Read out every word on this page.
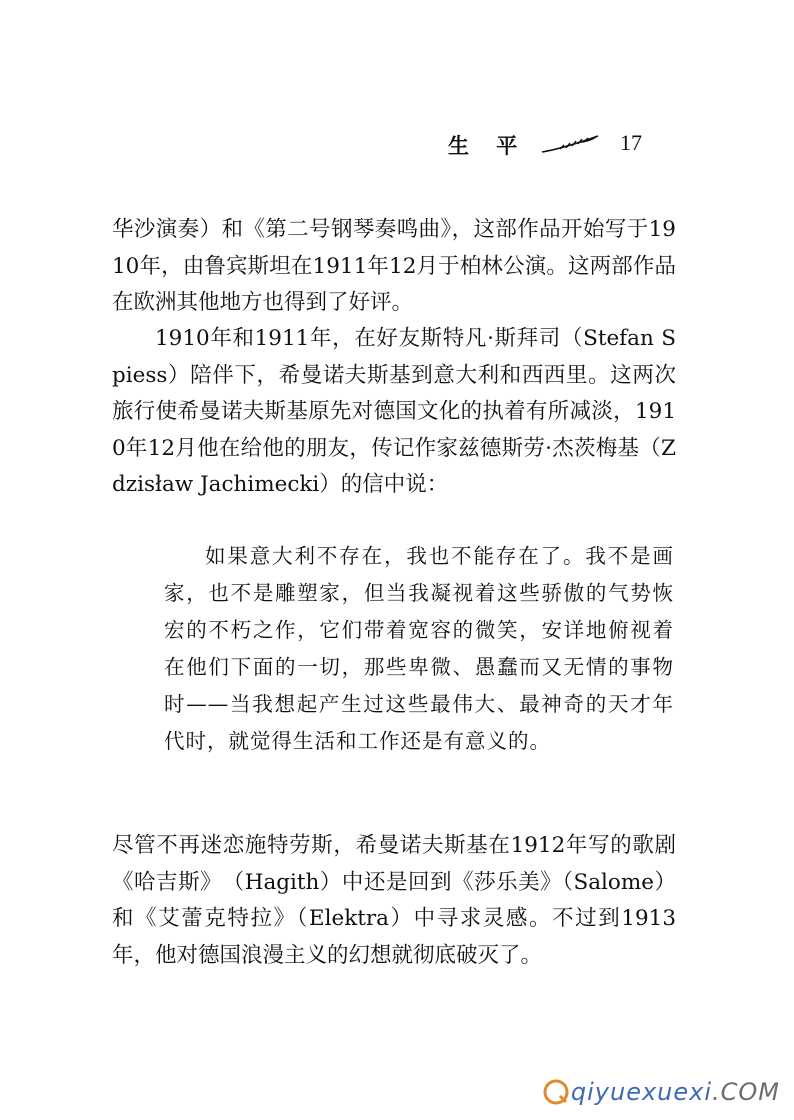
生 平	17

华沙演奏）和《第二号钢琴奏鸣曲》，这部作品开始写于1910年，由鲁宾斯坦在1911年12月于柏林公演。这两部作品在欧洲其他地方也得到了好评。

1910年和1911年，在好友斯特凡·斯拜司（Stefan Spiess）陪伴下，希曼诺夫斯基到意大利和西西里。这两次旅行使希曼诺夫斯基原先对德国文化的执着有所减淡，1910年12月他在给他的朋友，传记作家兹德斯劳·杰茨梅基（Zdzisław Jachimecki）的信中说：

如果意大利不存在，我也不能存在了。我不是画家，也不是雕塑家，但当我凝视着这些骄傲的气势恢宏的不朽之作，它们带着宽容的微笑，安详地俯视着在他们下面的一切，那些卑微、愚蠢而又无情的事物时——当我想起产生过这些最伟大、最神奇的天才年代时，就觉得生活和工作还是有意义的。

尽管不再迷恋施特劳斯，希曼诺夫斯基在1912年写的歌剧《哈吉斯》　（Hagith）中还是回到《莎乐美》（Salome）和《艾蕾克特拉》（Elektra）中寻求灵感。不过到1913年，他对德国浪漫主义的幻想就彻底破灭了。

qiyuexuexi.COM
